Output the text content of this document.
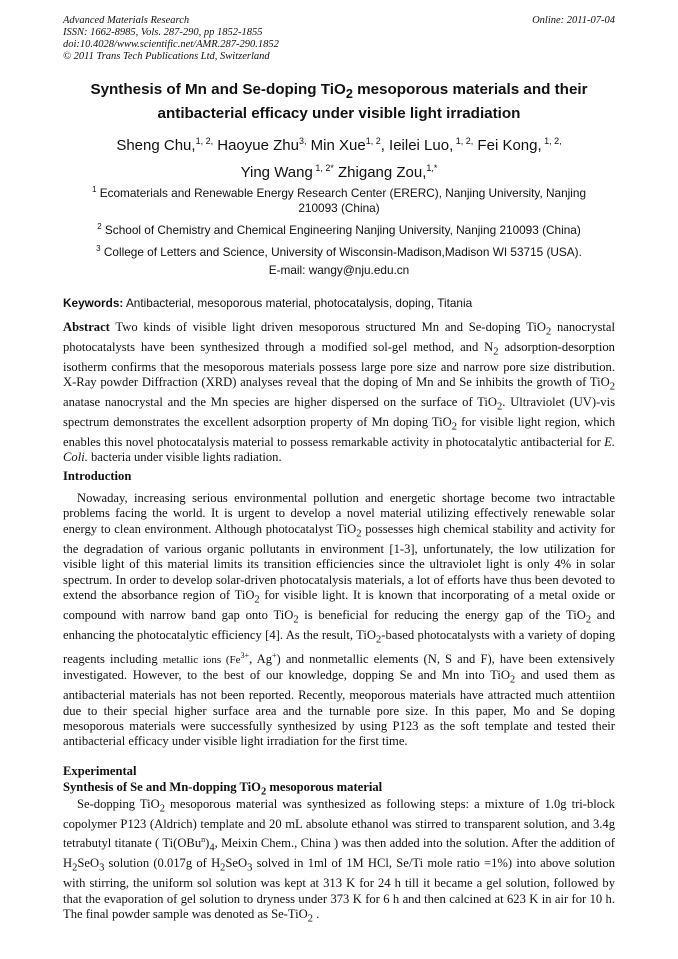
Advanced Materials Research
ISSN: 1662-8985, Vols. 287-290, pp 1852-1855
doi:10.4028/www.scientific.net/AMR.287-290.1852
© 2011 Trans Tech Publications Ltd, Switzerland
Online: 2011-07-04
Synthesis of Mn and Se-doping TiO$_2$ mesoporous materials and their
antibacterial efficacy under visible light irradiation
Sheng Chu,$^{1, 2,}$ Haoyue Zhu$^{3,}$ Min Xue$^{1, 2}$, Ieilei Luo, $^{1, 2,}$ Fei Kong, $^{1, 2,}$
Ying Wang $^{1, 2*}$ Zhigang Zou,$^{1,*}$
$^1$ Ecomaterials and Renewable Energy Research Center (ERERC), Nanjing University, Nanjing 210093 (China)
$^2$ School of Chemistry and Chemical Engineering Nanjing University, Nanjing 210093 (China)
$^3$ College of Letters and Science, University of Wisconsin-Madison,Madison WI 53715 (USA).
E-mail: wangy@nju.edu.cn
Keywords: Antibacterial, mesoporous material, photocatalysis, doping, Titania

Abstract Two kinds of visible light driven mesoporous structured Mn and Se-doping TiO$_2$ nanocrystal photocatalysts have been synthesized through a modified sol-gel method, and $N_2$ adsorption-desorption isotherm confirms that the mesoporous materials possess large pore size and narrow pore size distribution. X-Ray powder Diffraction (XRD) analyses reveal that the doping of Mn and Se inhibits the growth of TiO$_2$ anatase nanocrystal and the Mn species are higher dispersed on the surface of TiO$_2$. Ultraviolet (UV)-vis spectrum demonstrates the excellent adsorption property of Mn doping TiO$_2$ for visible light region, which enables this novel photocatalysis material to possess remarkable activity in photocatalytic antibacterial for E. Coli. bacteria under visible lights radiation.

Introduction

Nowaday, increasing serious environmental pollution and energetic shortage become two intractable problems facing the world. It is urgent to develop a novel material utilizing effectively renewable solar energy to clean environment. Although photocatalyst TiO$_2$ possesses high chemical stability and activity for the degradation of various organic pollutants in environment [1-3], unfortunately, the low utilization for visible light of this material limits its transition efficiencies since the ultraviolet light is only 4% in solar spectrum. In order to develop solar-driven photocatalysis materials, a lot of efforts have thus been devoted to extend the absorbance region of TiO$_2$ for visible light. It is known that incorporating of a metal oxide or compound with narrow band gap onto TiO$_2$ is beneficial for reducing the energy gap of the TiO$_2$ and enhancing the photocatalytic efficiency [4]. As the result, TiO$_2$-based photocatalysts with a variety of doping reagents including metallic ions ($Fe^{3+}$, Ag+) and nonmetallic elements (N, S and F), have been extensively investigated. However, to the best of our knowledge, dopping Se and Mn into TiO$_2$ and used them as antibacterial materials has not been reported. Recently, meoporous materials have attracted much attentiion due to their special higher surface area and the turnable pore size. In this paper, Mo and Se doping mesoporous materials were successfully synthesized by using P123 as the soft template and tested their antibacterial efficacy under visible light irradiation for the first time.

Experimental
Synthesis of Se and Mn-dopping TiO$_2$ mesoporous material

Se-dopping TiO$_2$ mesoporous material was synthesized as following steps: a mixture of 1.0g tri-block copolymer P123 (Aldrich) template and 20 mL absolute ethanol was stirred to transparent solution, and 3.4g tetrabutyl titanate ( $Ti(OBu^n)_4$, Meixin Chem., China ) was then added into the solution. After the addition of $H_2SeO_3$ solution (0.017g of $H_2SeO_3$ solved in 1ml of 1M HCl, Se/Ti mole ratio =1%) into above solution with stirring, the uniform sol solution was kept at 313 K for 24 h till it became a gel solution, followed by that the evaporation of gel solution to dryness under 373 K for 6 h and then calcined at 623 K in air for 10 h. The final powder sample was denoted as Se-TiO$_2$ .
